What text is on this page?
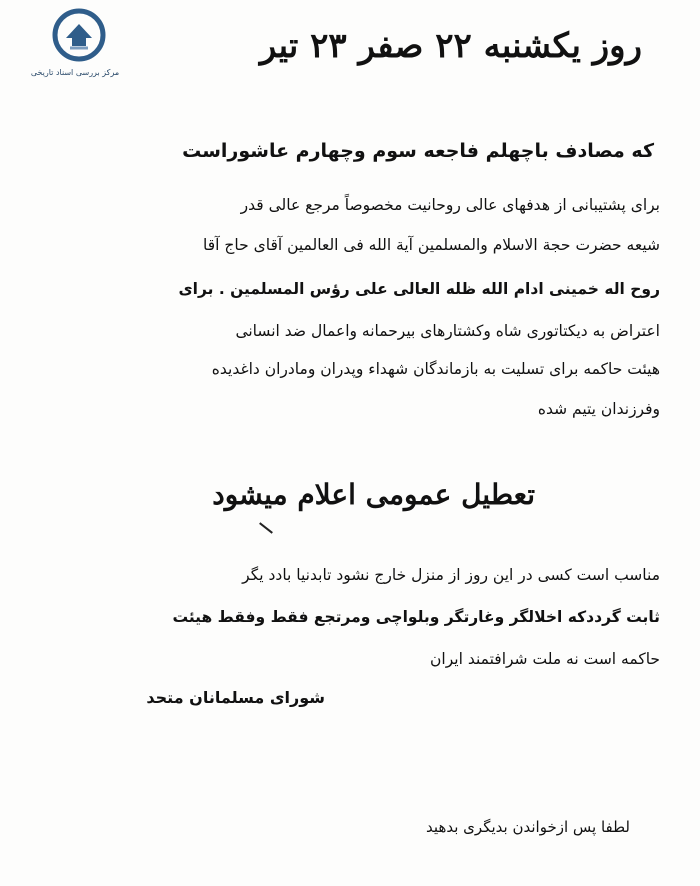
مرکز بررسی اسناد تاریخی
روز یکشنبه ۲۲ صفر ۲۳ تیر
که مصادف باچهلم فاجعه سوم وچهارم عاشوراست
برای پشتیبانی از هدفهای عالی روحانیت مخصوصاً مرجع عالی قدر
شیعه حضرت حجة الاسلام والمسلمین آیة الله فی العالمین آقای حاج آقا
روح اله خمینی ادام الله ظله العالی علی رؤس المسلمین . برای
اعتراض به دیکتاتوری شاه وکشتارهای بیرحمانه واعمال ضد انسانی
هیئت حاکمه برای تسلیت به بازماندگان شهداء وپدران ومادران داغدیده
وفرزندان یتیم شده
تعطیل عمومی اعلام میشود
مناسب است کسی در این روز از منزل خارج نشود تابدنیا بادد یگر
ثابت گرددکه اخلالگر وغارتگر وبلواچی ومرتجع فقط وفقط هیئت
حاکمه است نه ملت شرافتمند ایران
شورای مسلمانان متحد
لطفا پس ازخواندن بدیگری بدهید
